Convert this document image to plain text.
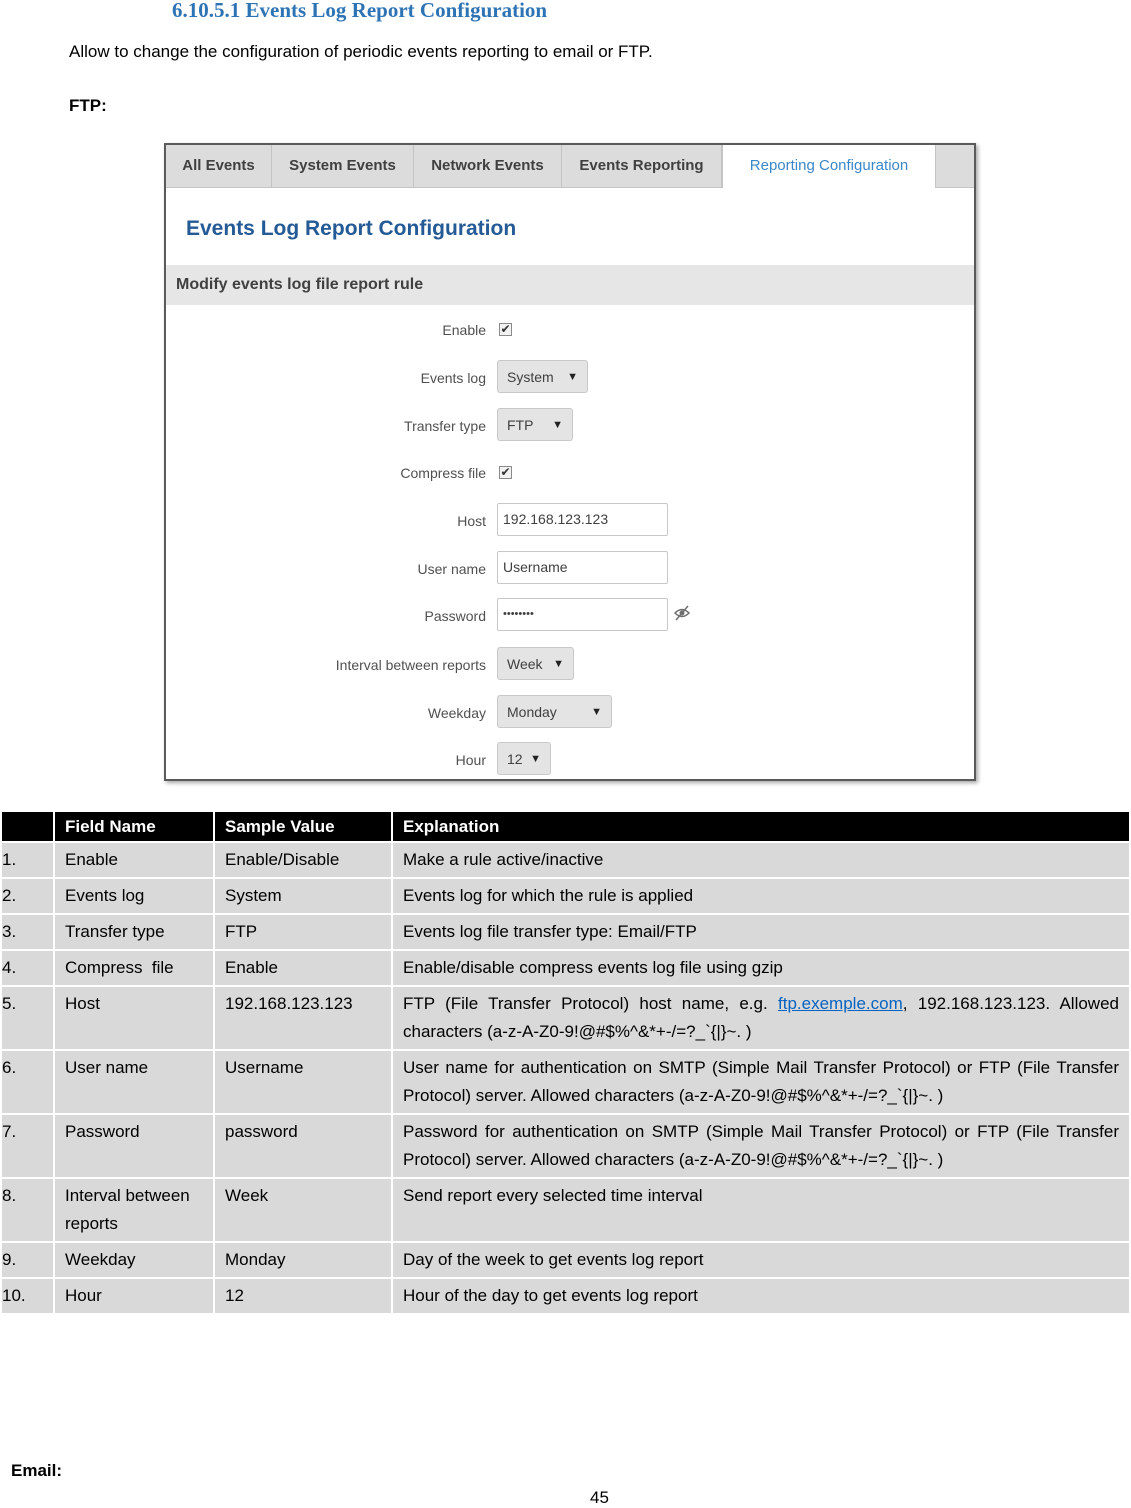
6.10.5.1 Events Log Report Configuration
Allow to change the configuration of periodic events reporting to email or FTP.
FTP:
All Events	System Events	Network Events	Events Reporting	Reporting Configuration
Events Log Report Configuration
Modify events log file report rule
Enable ✔
Events log	System ▼
Transfer type	FTP ▼
Compress file ✔
Host	192.168.123.123
User name	Username
Password	••••••••
Interval between reports	Week ▼
Weekday	Monday	▼
Hour	12 ▼
	Field Name	Sample Value	Explanation
1.	Enable	Enable/Disable	Make a rule active/inactive
2.	Events log	System	Events log for which the rule is applied
3.	Transfer type	FTP	Events log file transfer type: Email/FTP
4.	Compress  file	Enable	Enable/disable compress events log file using gzip
5.	Host	192.168.123.123	FTP (File Transfer Protocol) host name, e.g. ftp.exemple.com, 192.168.123.123. Allowed characters (a-z-A-Z0-9!@#$%^&*+-/=?_`{|}~. )
6.	User name	Username	User name for authentication on SMTP (Simple Mail Transfer Protocol) or FTP (File Transfer Protocol) server. Allowed characters (a-z-A-Z0-9!@#$%^&*+-/=?_`{|}~. )
7.	Password	password	Password for authentication on SMTP (Simple Mail Transfer Protocol) or FTP (File Transfer Protocol) server. Allowed characters (a-z-A-Z0-9!@#$%^&*+-/=?_`{|}~. )
8.	Interval between reports	Week	Send report every selected time interval
9.	Weekday	Monday	Day of the week to get events log report
10.	Hour	12	Hour of the day to get events log report
Email:
45
